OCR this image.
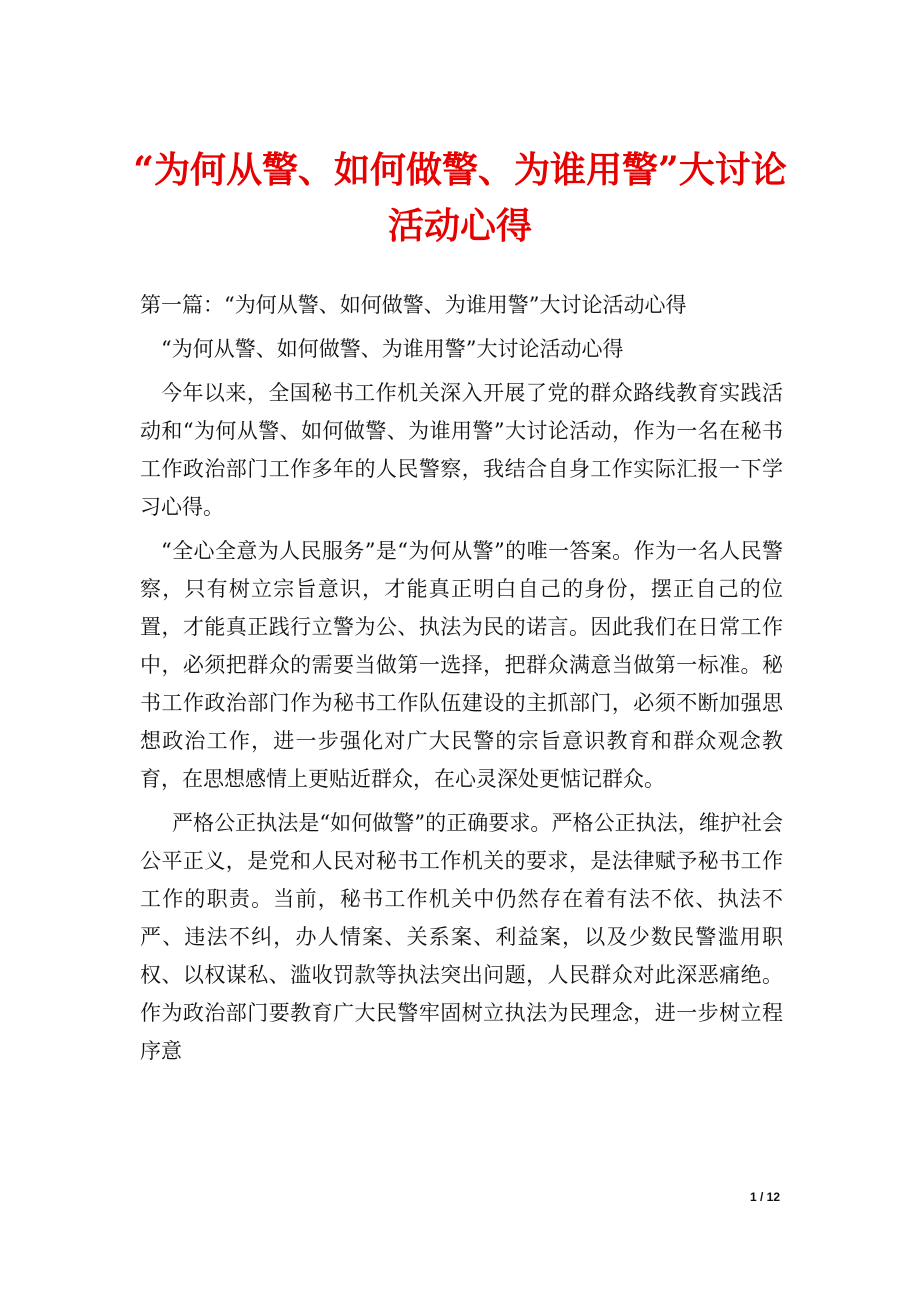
“为何从警、如何做警、为谁用警”大讨论活动心得

第一篇：“为何从警、如何做警、为谁用警”大讨论活动心得

“为何从警、如何做警、为谁用警”大讨论活动心得

今年以来，全国秘书工作机关深入开展了党的群众路线教育实践活动和“为何从警、如何做警、为谁用警”大讨论活动，作为一名在秘书工作政治部门工作多年的人民警察，我结合自身工作实际汇报一下学习心得。

“全心全意为人民服务”是“为何从警”的唯一答案。作为一名人民警察，只有树立宗旨意识，才能真正明白自己的身份，摆正自己的位置，才能真正践行立警为公、执法为民的诺言。因此我们在日常工作中，必须把群众的需要当做第一选择，把群众满意当做第一标准。秘书工作政治部门作为秘书工作队伍建设的主抓部门，必须不断加强思想政治工作，进一步强化对广大民警的宗旨意识教育和群众观念教育，在思想感情上更贴近群众，在心灵深处更惦记群众。

严格公正执法是“如何做警”的正确要求。严格公正执法，维护社会公平正义，是党和人民对秘书工作机关的要求，是法律赋予秘书工作工作的职责。当前，秘书工作机关中仍然存在着有法不依、执法不严、违法不纠，办人情案、关系案、利益案，以及少数民警滥用职权、以权谋私、滥收罚款等执法突出问题，人民群众对此深恶痛绝。作为政治部门要教育广大民警牢固树立执法为民理念，进一步树立程序意

1 / 12
